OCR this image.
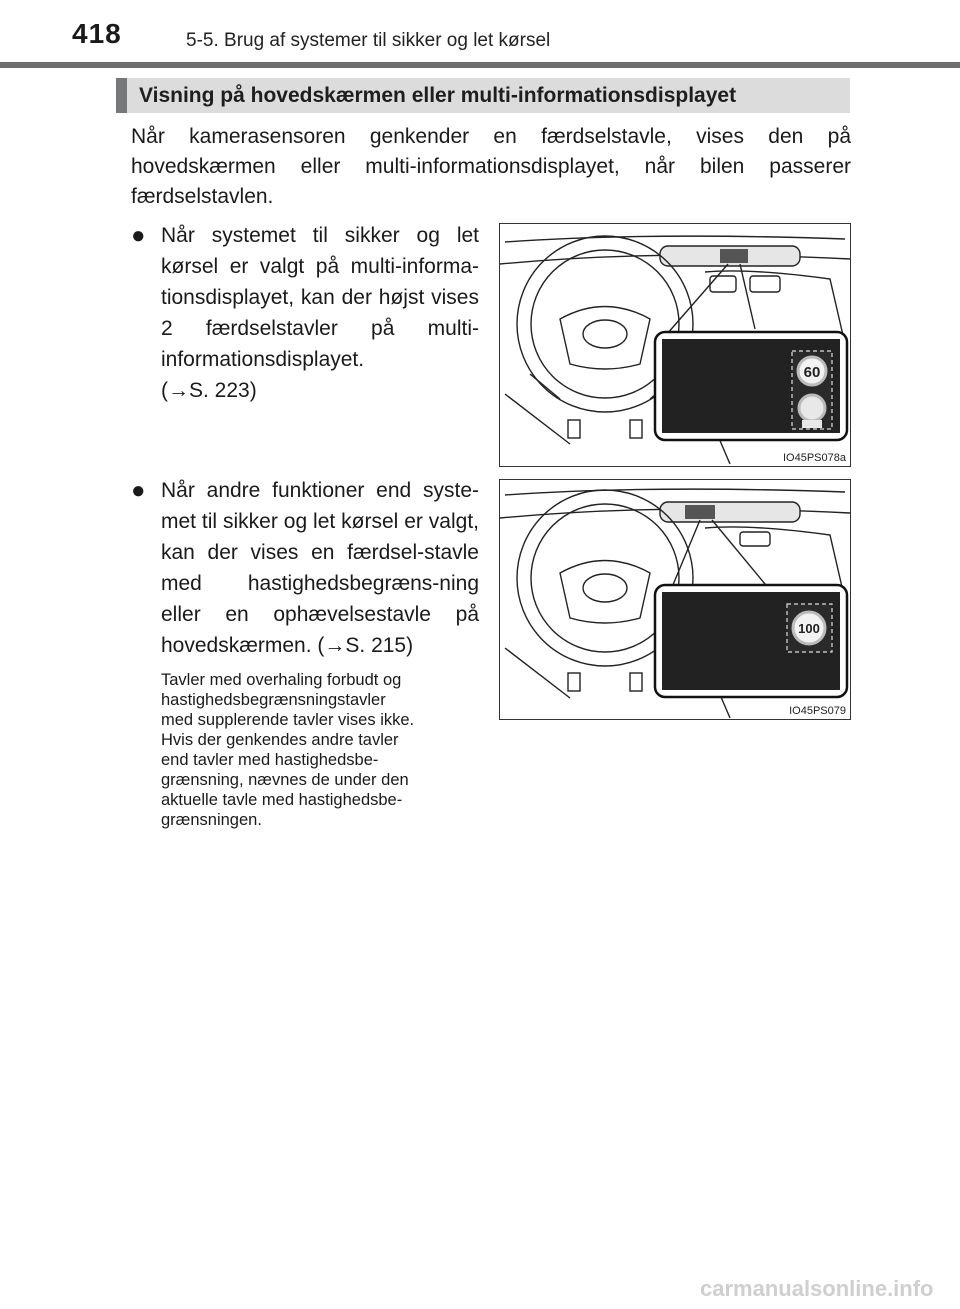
418	5-5. Brug af systemer til sikker og let kørsel
Visning på hovedskærmen eller multi-informationsdisplayet
Når kamerasensoren genkender en færdselstavle, vises den på hovedskærmen eller multi-informationsdisplayet, når bilen passerer færdselstavlen.
● Når systemet til sikker og let kørsel er valgt på multi-informa-tionsdisplayet, kan der højst vises 2 færdselstavler på multi-informationsdisplayet.
(→S. 223)
● Når andre funktioner end syste-met til sikker og let kørsel er valgt, kan der vises en færdsel-stavle med hastighedsbegræns-ning eller en ophævelsestavle på hovedskærmen. (→S. 215)
Tavler med overhaling forbudt og
hastighedsbegrænsningstavler
med supplerende tavler vises ikke.
Hvis der genkendes andre tavler
end tavler med hastighedsbe-
grænsning, nævnes de under den
aktuelle tavle med hastighedsbe-
grænsningen.
60
IO45PS078a
100
IO45PS079
carmanualsonline.info
